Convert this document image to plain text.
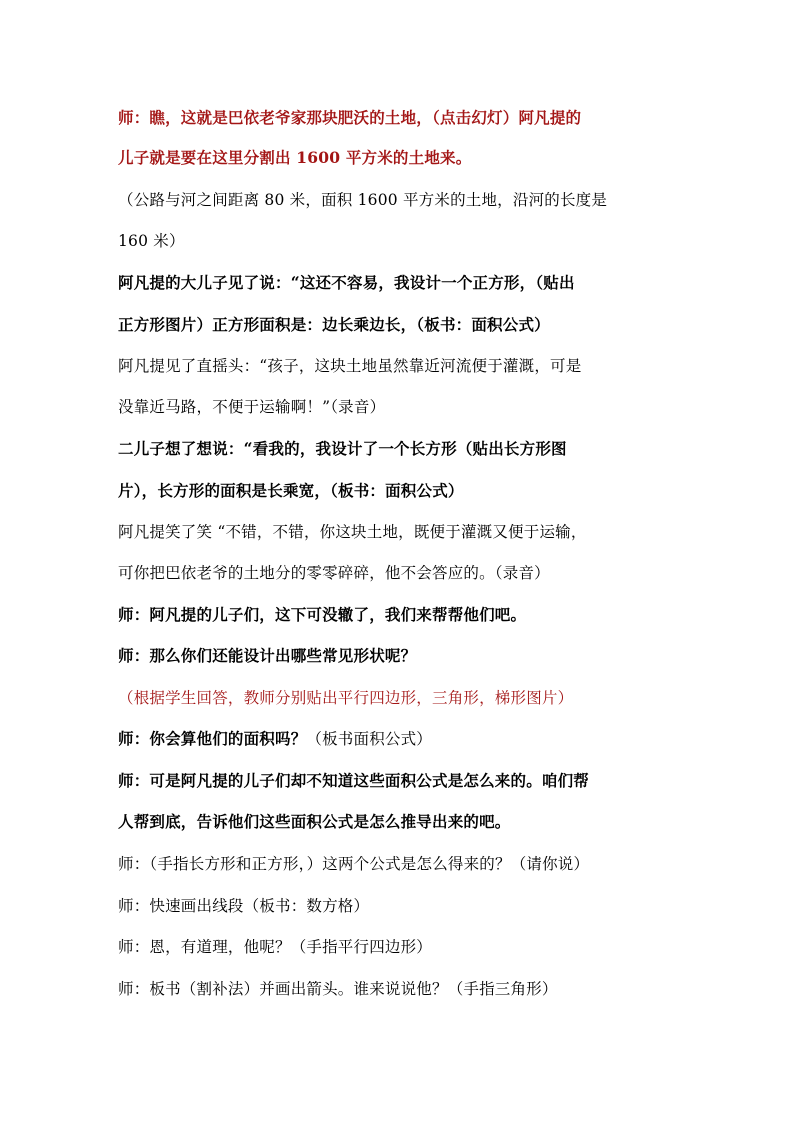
师：瞧，这就是巴依老爷家那块肥沃的土地，（点击幻灯）阿凡提的
儿子就是要在这里分割出 1600 平方米的土地来。
（公路与河之间距离 80 米，面积 1600 平方米的土地，沿河的长度是
160 米）
阿凡提的大儿子见了说：“这还不容易，我设计一个正方形，（贴出
正方形图片）正方形面积是：边长乘边长，（板书：面积公式）
阿凡提见了直摇头：“孩子，这块土地虽然靠近河流便于灌溉，可是
没靠近马路，不便于运输啊！”（录音）
二儿子想了想说：“看我的，我设计了一个长方形（贴出长方形图
片），长方形的面积是长乘宽，（板书：面积公式）
阿凡提笑了笑 “不错，不错，你这块土地，既便于灌溉又便于运输，
可你把巴依老爷的土地分的零零碎碎，他不会答应的。（录音）
师：阿凡提的儿子们，这下可没辙了，我们来帮帮他们吧。
师：那么你们还能设计出哪些常见形状呢？
（根据学生回答，教师分别贴出平行四边形，三角形，梯形图片）
师：你会算他们的面积吗？（板书面积公式）
师：可是阿凡提的儿子们却不知道这些面积公式是怎么来的。咱们帮
人帮到底，告诉他们这些面积公式是怎么推导出来的吧。
师：（手指长方形和正方形，）这两个公式是怎么得来的？（请你说）
师：快速画出线段（板书：数方格）
师：恩，有道理，他呢？（手指平行四边形）
师：板书（割补法）并画出箭头。谁来说说他？（手指三角形）
